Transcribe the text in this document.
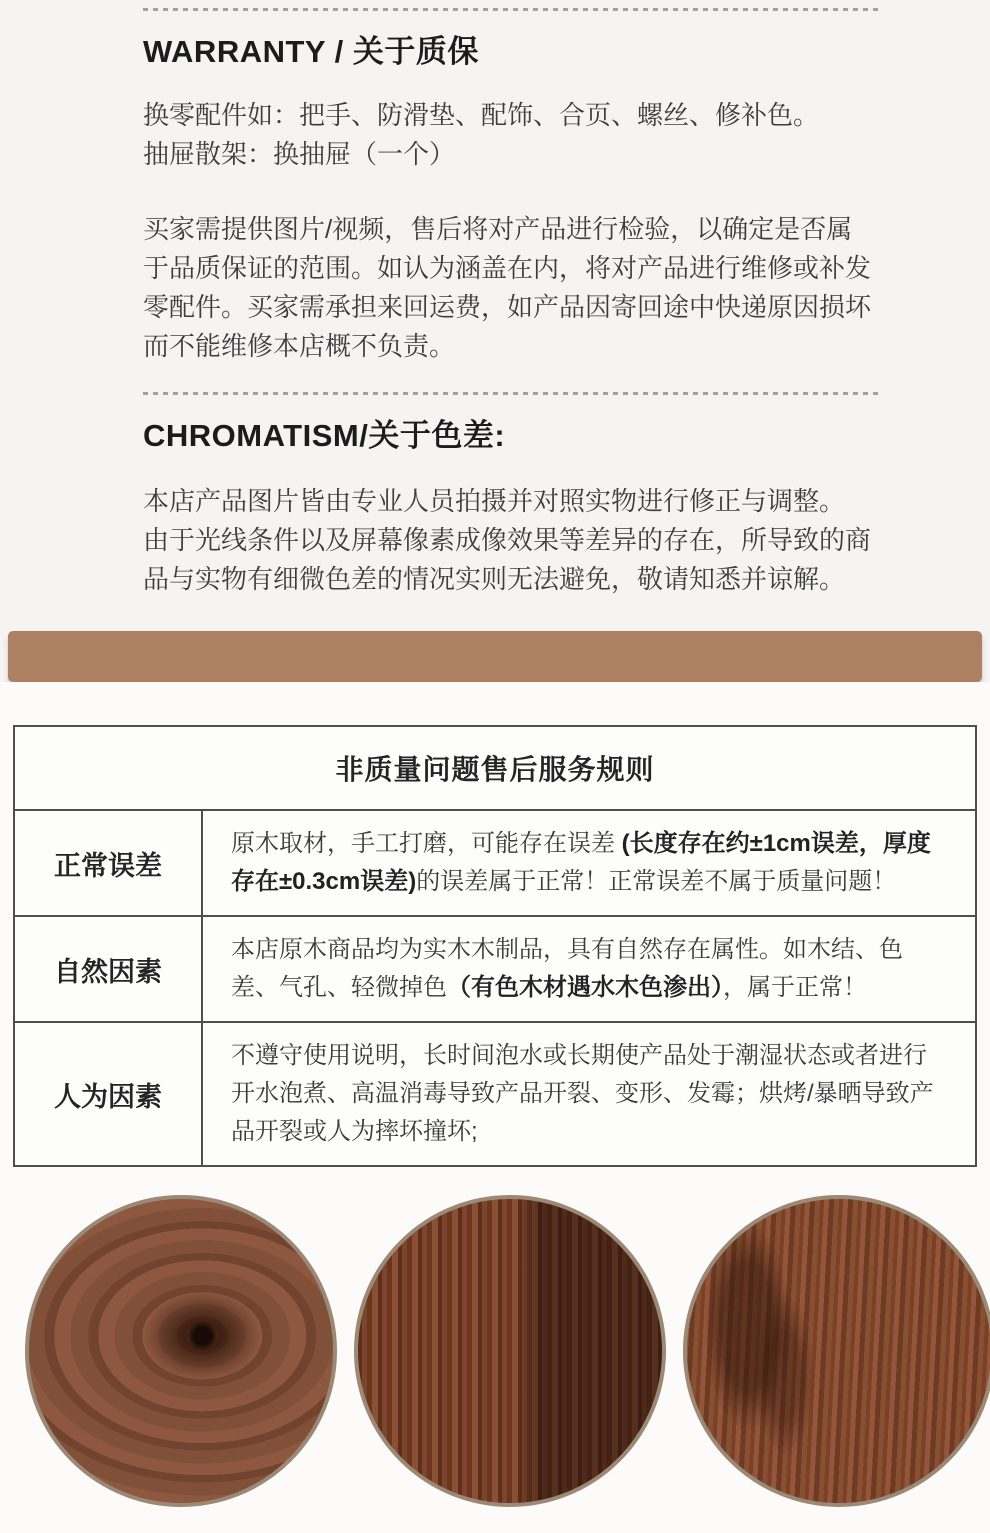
WARRANTY / 关于质保
换零配件如：把手、防滑垫、配饰、合页、螺丝、修补色。
抽屉散架：换抽屉（一个）

买家需提供图片/视频，售后将对产品进行检验，以确定是否属于品质保证的范围。如认为涵盖在内，将对产品进行维修或补发零配件。买家需承担来回运费，如产品因寄回途中快递原因损坏而不能维修本店概不负责。

CHROMATISM/关于色差:
本店产品图片皆由专业人员拍摄并对照实物进行修正与调整。
由于光线条件以及屏幕像素成像效果等差异的存在，所导致的商品与实物有细微色差的情况实则无法避免，敬请知悉并谅解。
非质量问题售后服务规则	
正常误差	原木取材，手工打磨，可能存在误差 (长度存在约±1cm误差，厚度存在±0.3cm误差)的误差属于正常！正常误差不属于质量问题！
自然因素	本店原木商品均为实木木制品，具有自然存在属性。如木结、色差、气孔、轻微掉色（有色木材遇水木色渗出），属于正常！
人为因素	不遵守使用说明，长时间泡水或长期使产品处于潮湿状态或者进行开水泡煮、高温消毒导致产品开裂、变形、发霉；烘烤/暴晒导致产品开裂或人为摔坏撞坏;
